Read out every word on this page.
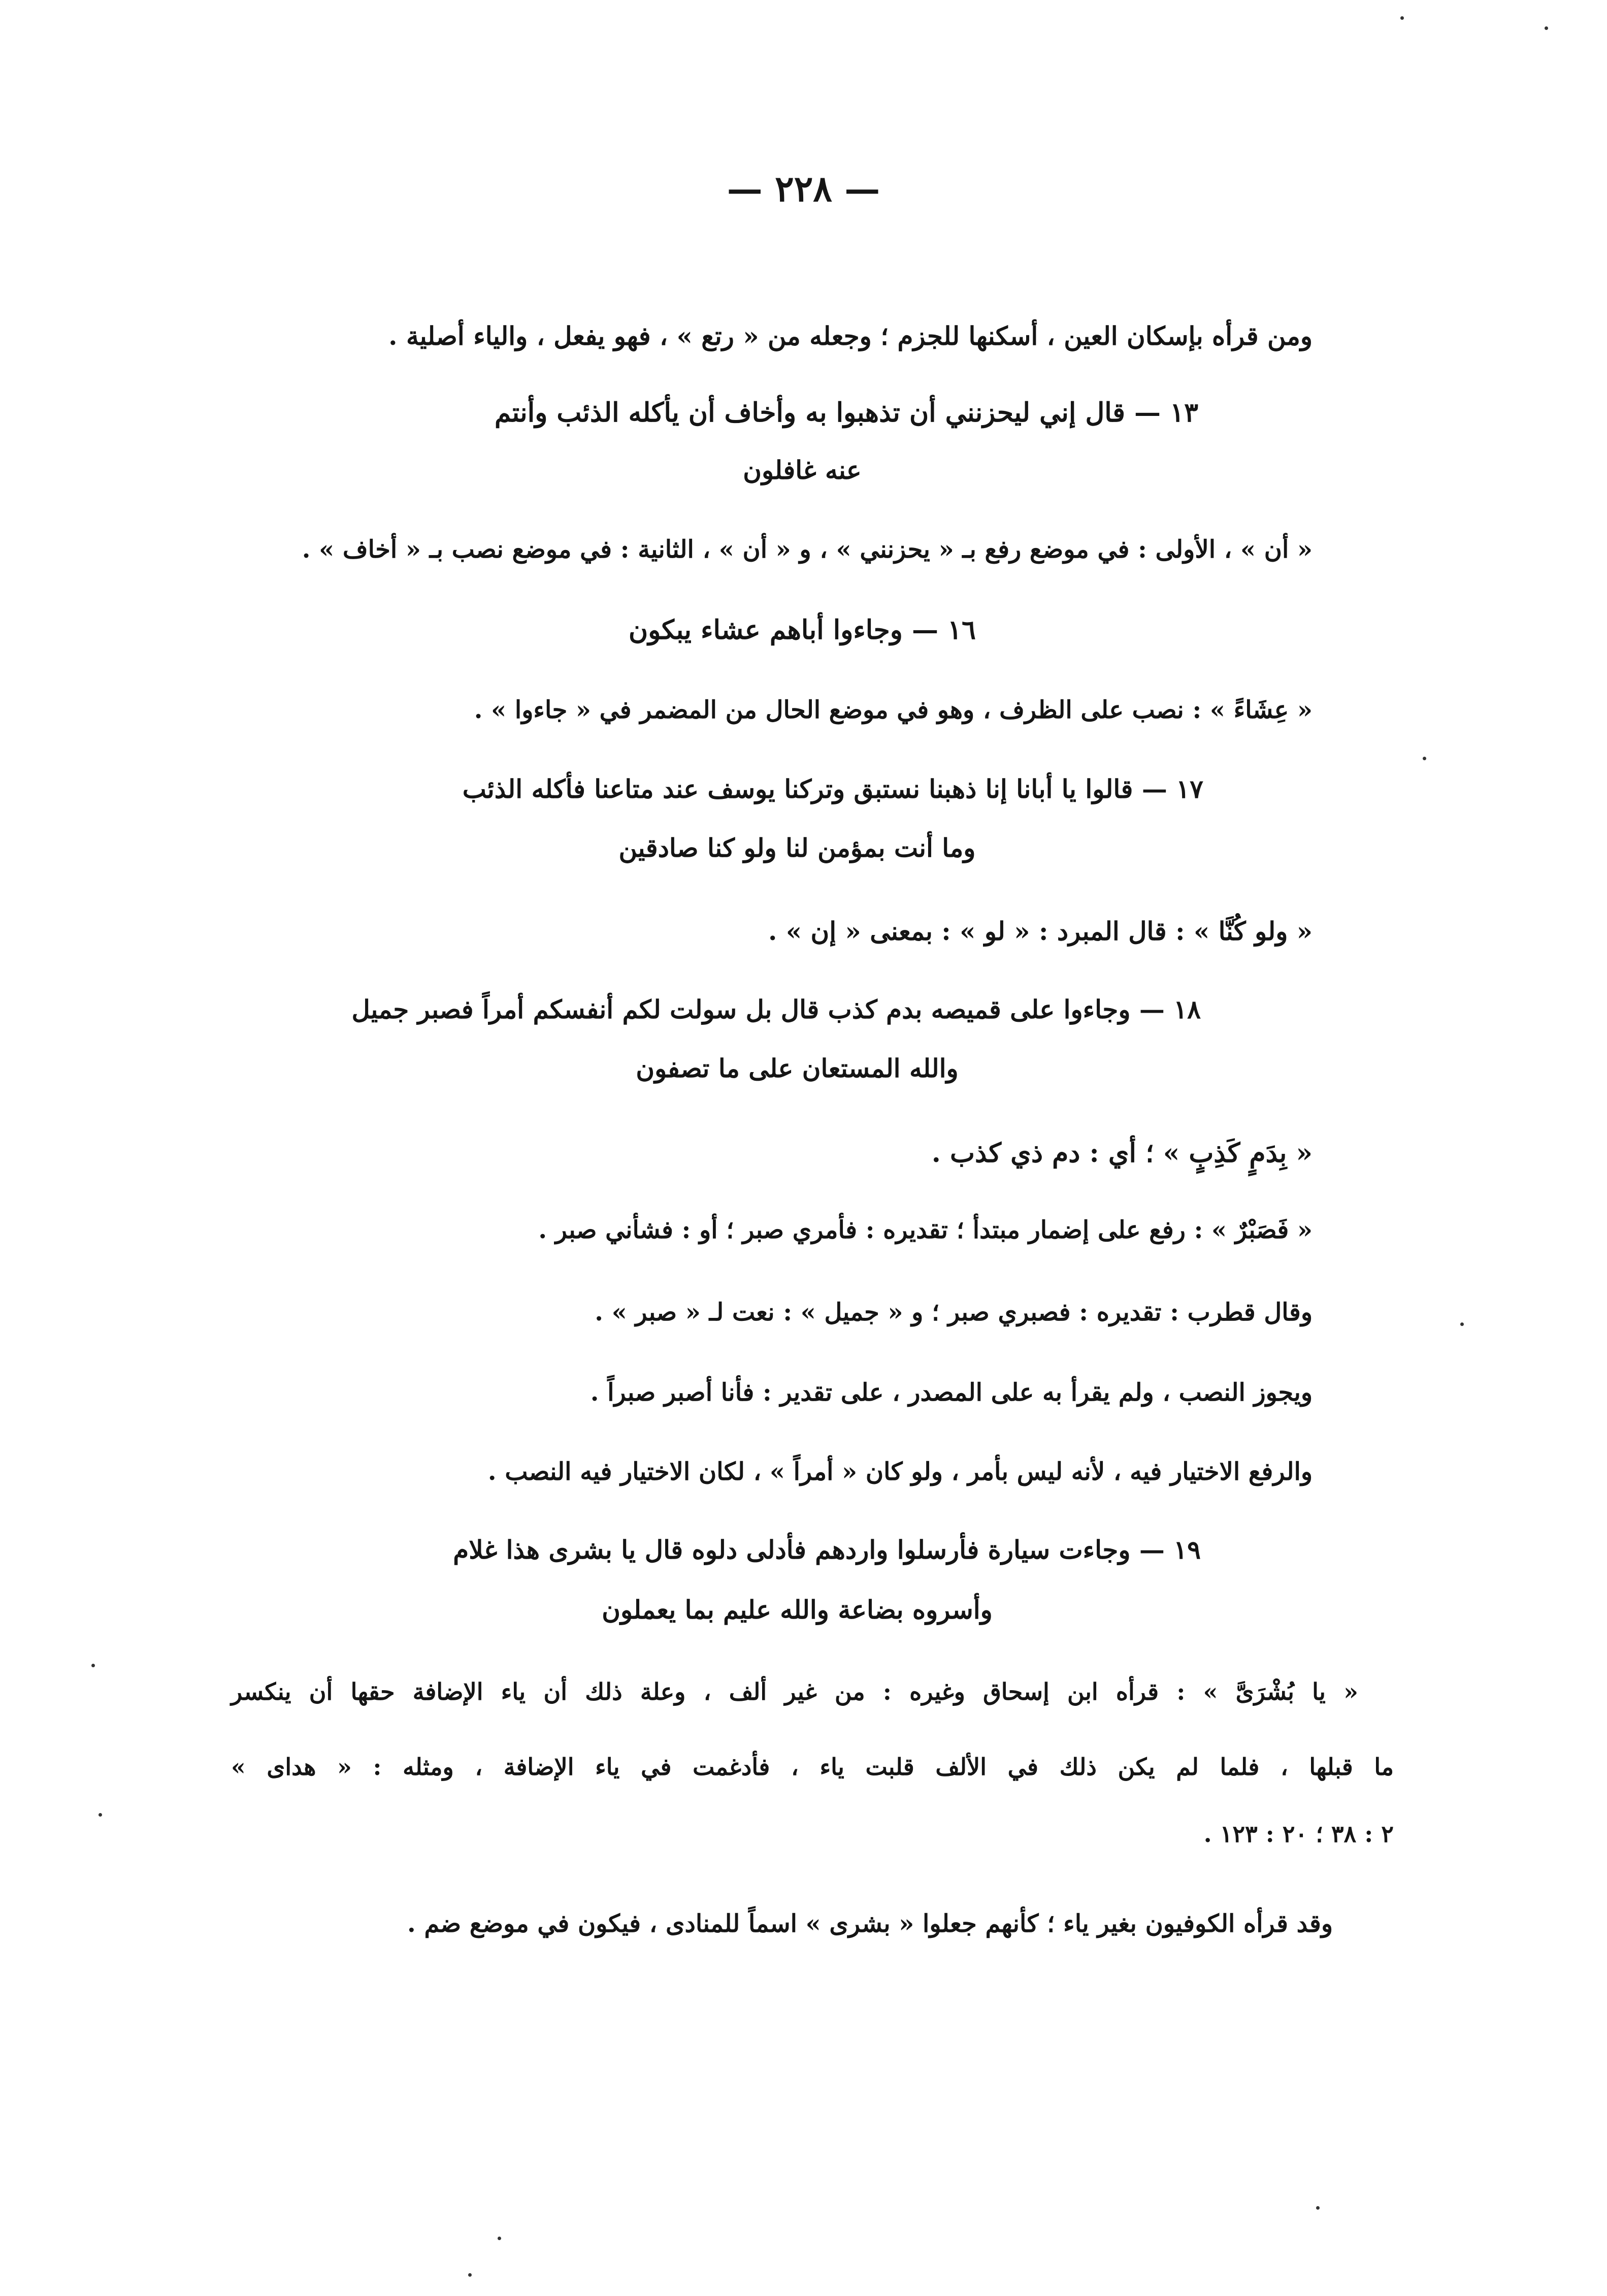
— ٢٢٨ —
ومن قرأه بإسكان العين ، أسكنها للجزم ؛ وجعله من « رتع » ، فهو يفعل ، والياء أصلية .
١٣ — قال إني ليحزنني أن تذهبوا به وأخاف أن يأكله الذئب وأنتم
عنه غافلون
« أن » ، الأولى : في موضع رفع بـ « يحزنني » ، و « أن » ، الثانية : في موضع نصب بـ « أخاف » .
١٦ — وجاءوا أباهم عشاء يبكون
« عِشَاءً » : نصب على الظرف ، وهو في موضع الحال من المضمر في « جاءوا » .
١٧ — قالوا يا أبانا إنا ذهبنا نستبق وتركنا يوسف عند متاعنا فأكله الذئب
وما أنت بمؤمن لنا ولو كنا صادقين
« ولو كُنَّا » : قال المبرد : « لو » : بمعنى « إن » .
١٨ — وجاءوا على قميصه بدم كذب قال بل سولت لكم أنفسكم أمراً فصبر جميل
والله المستعان على ما تصفون
« بِدَمٍ كَذِبٍ » ؛ أي : دم ذي كذب .
« فَصَبْرٌ » : رفع على إضمار مبتدأ ؛ تقديره : فأمري صبر ؛ أو : فشأني صبر .
وقال قطرب : تقديره : فصبري صبر ؛ و « جميل » : نعت لـ « صبر » .
ويجوز النصب ، ولم يقرأ به على المصدر ، على تقدير : فأنا أصبر صبراً .
والرفع الاختيار فيه ، لأنه ليس بأمر ، ولو كان « أمراً » ، لكان الاختيار فيه النصب .
١٩ — وجاءت سيارة فأرسلوا واردهم فأدلى دلوه قال يا بشرى هذا غلام
وأسروه بضاعة والله عليم بما يعملون
« يا بُشْرَىَّ » : قرأه ابن إسحاق وغيره : من غير ألف ، وعلة ذلك أن ياء الإضافة حقها أن ينكسر
ما قبلها ، فلما لم يكن ذلك في الألف قلبت ياء ، فأدغمت في ياء الإضافة ، ومثله : « هداى »
٢ : ٣٨ ؛ ٢٠ : ١٢٣ .
وقد قرأه الكوفيون بغير ياء ؛ كأنهم جعلوا « بشرى » اسماً للمنادى ، فيكون في موضع ضم .
